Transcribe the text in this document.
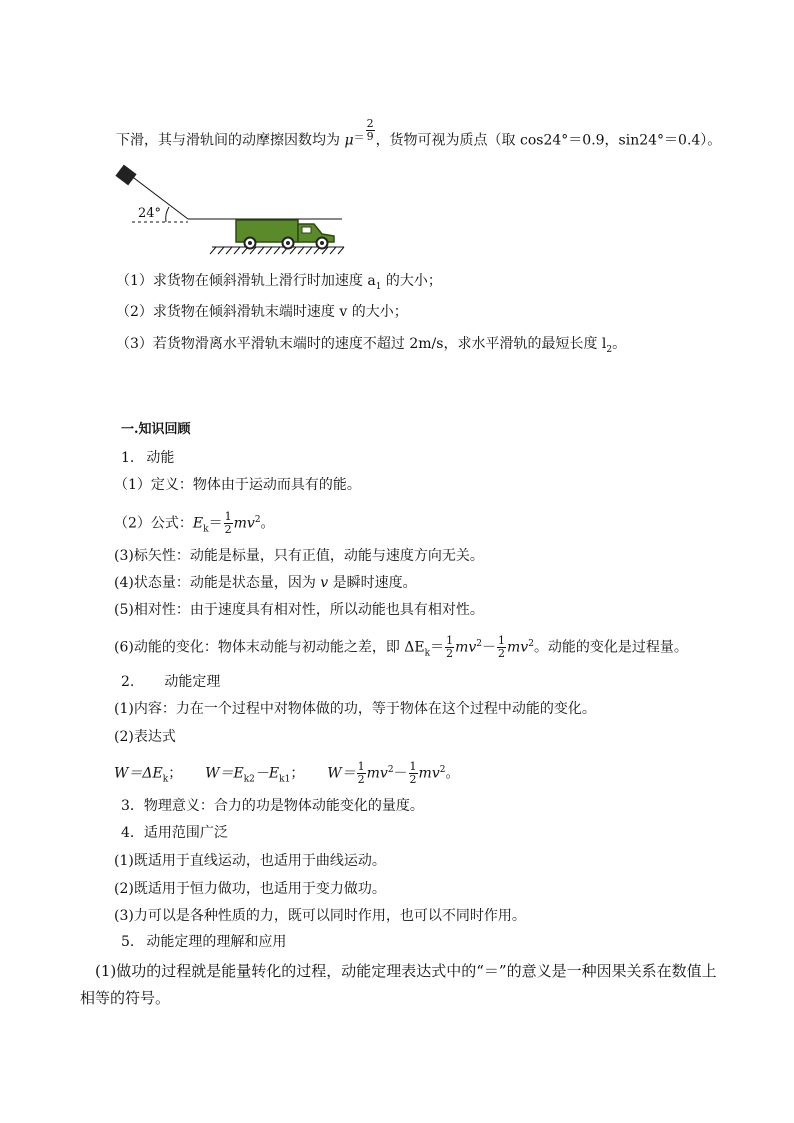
下滑，其与滑轨间的动摩擦因数均为 $\mu^= \frac{2}{9}$ ，货物可视为质点（取 cos24°＝0.9，sin24°＝0.4）。
24°
（1）求货物在倾斜滑轨上滑行时加速度 $a_1$ 的大小；
（2）求货物在倾斜滑轨末端时速度 v 的大小；
（3）若货物滑离水平滑轨末端时的速度不超过 2m/s，求水平滑轨的最短长度 $l_2$。
一.知识回顾
1. 动能
（1）定义：物体由于运动而具有的能。
（2）公式：$E_k= \frac{1}{2} mv^2$。
(3)标矢性：动能是标量，只有正值，动能与速度方向无关。
(4)状态量：动能是状态量，因为 v 是瞬时速度。
(5)相对性：由于速度具有相对性，所以动能也具有相对性。
(6)动能的变化：物体末动能与初动能之差，即 $\Delta E_k= \frac{1}{2} mv^2- \frac{1}{2} mv^2$。动能的变化是过程量。
2. 动能定理
(1)内容：力在一个过程中对物体做的功，等于物体在这个过程中动能的变化。
(2)表达式
$W=\Delta E_k$； $W=E_{k2}-E_{k1}$； $W= \frac{1}{2} mv^2- \frac{1}{2} mv^2$。
3．物理意义：合力的功是物体动能变化的量度。
4．适用范围广泛
(1)既适用于直线运动，也适用于曲线运动。
(2)既适用于恒力做功，也适用于变力做功。
(3)力可以是各种性质的力，既可以同时作用，也可以不同时作用。
5. 动能定理的理解和应用
(1)做功的过程就是能量转化的过程，动能定理表达式中的“＝”的意义是一种因果关系在数值上
相等的符号。
